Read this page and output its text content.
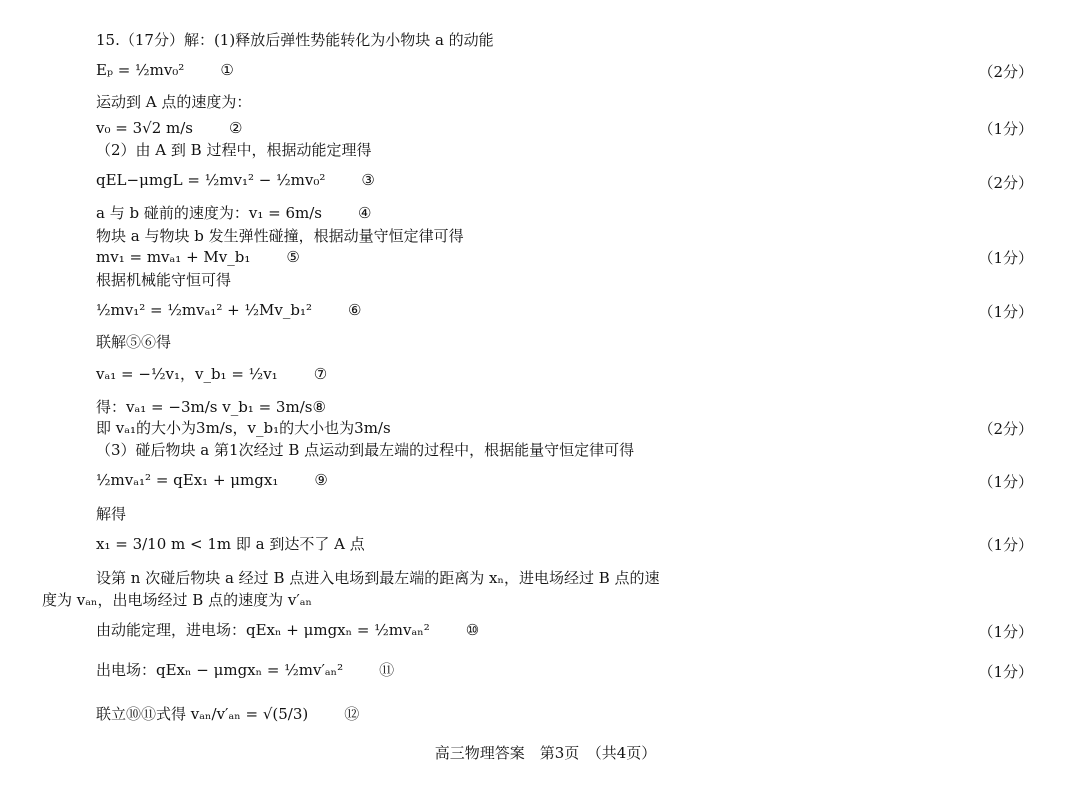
15.（17分）解：(1)释放后弹性势能转化为小物块 a 的动能
Eₚ = ½mv₀² ①	（2分）
运动到 A 点的速度为：
v₀ = 3√2 m/s ②	（1分）
（2）由 A 到 B 过程中，根据动能定理得
qEL−μmgL = ½mv₁² − ½mv₀² ③	（2分）
a 与 b 碰前的速度为：v₁ = 6m/s ④
物块 a 与物块 b 发生弹性碰撞，根据动量守恒定律可得
mv₁ = mvₐ₁ + Mv_b₁ ⑤	（1分）
根据机械能守恒可得
½mv₁² = ½mvₐ₁² + ½Mv_b₁² ⑥	（1分）
联解⑤⑥得
vₐ₁ = −½v₁，v_b₁ = ½v₁ ⑦
得：vₐ₁ = −3m/s v_b₁ = 3m/s⑧
即 vₐ₁的大小为3m/s，v_b₁的大小也为3m/s	（2分）
（3）碰后物块 a 第1次经过 B 点运动到最左端的过程中，根据能量守恒定律可得
½mvₐ₁² = qEx₁ + μmgx₁ ⑨	（1分）
解得
x₁ = 3/10 m < 1m 即 a 到达不了 A 点	（1分）
设第 n 次碰后物块 a 经过 B 点进入电场到最左端的距离为 xₙ，进电场经过 B 点的速
度为 vₐₙ，出电场经过 B 点的速度为 v′ₐₙ
由动能定理，进电场：qExₙ + μmgxₙ = ½mvₐₙ² ⑩	（1分）
出电场：qExₙ − μmgxₙ = ½mv′ₐₙ² ⑪	（1分）
联立⑩⑪式得 vₐₙ/v′ₐₙ = √(5/3) ⑫
高三物理答案　第3页　（共4页）
